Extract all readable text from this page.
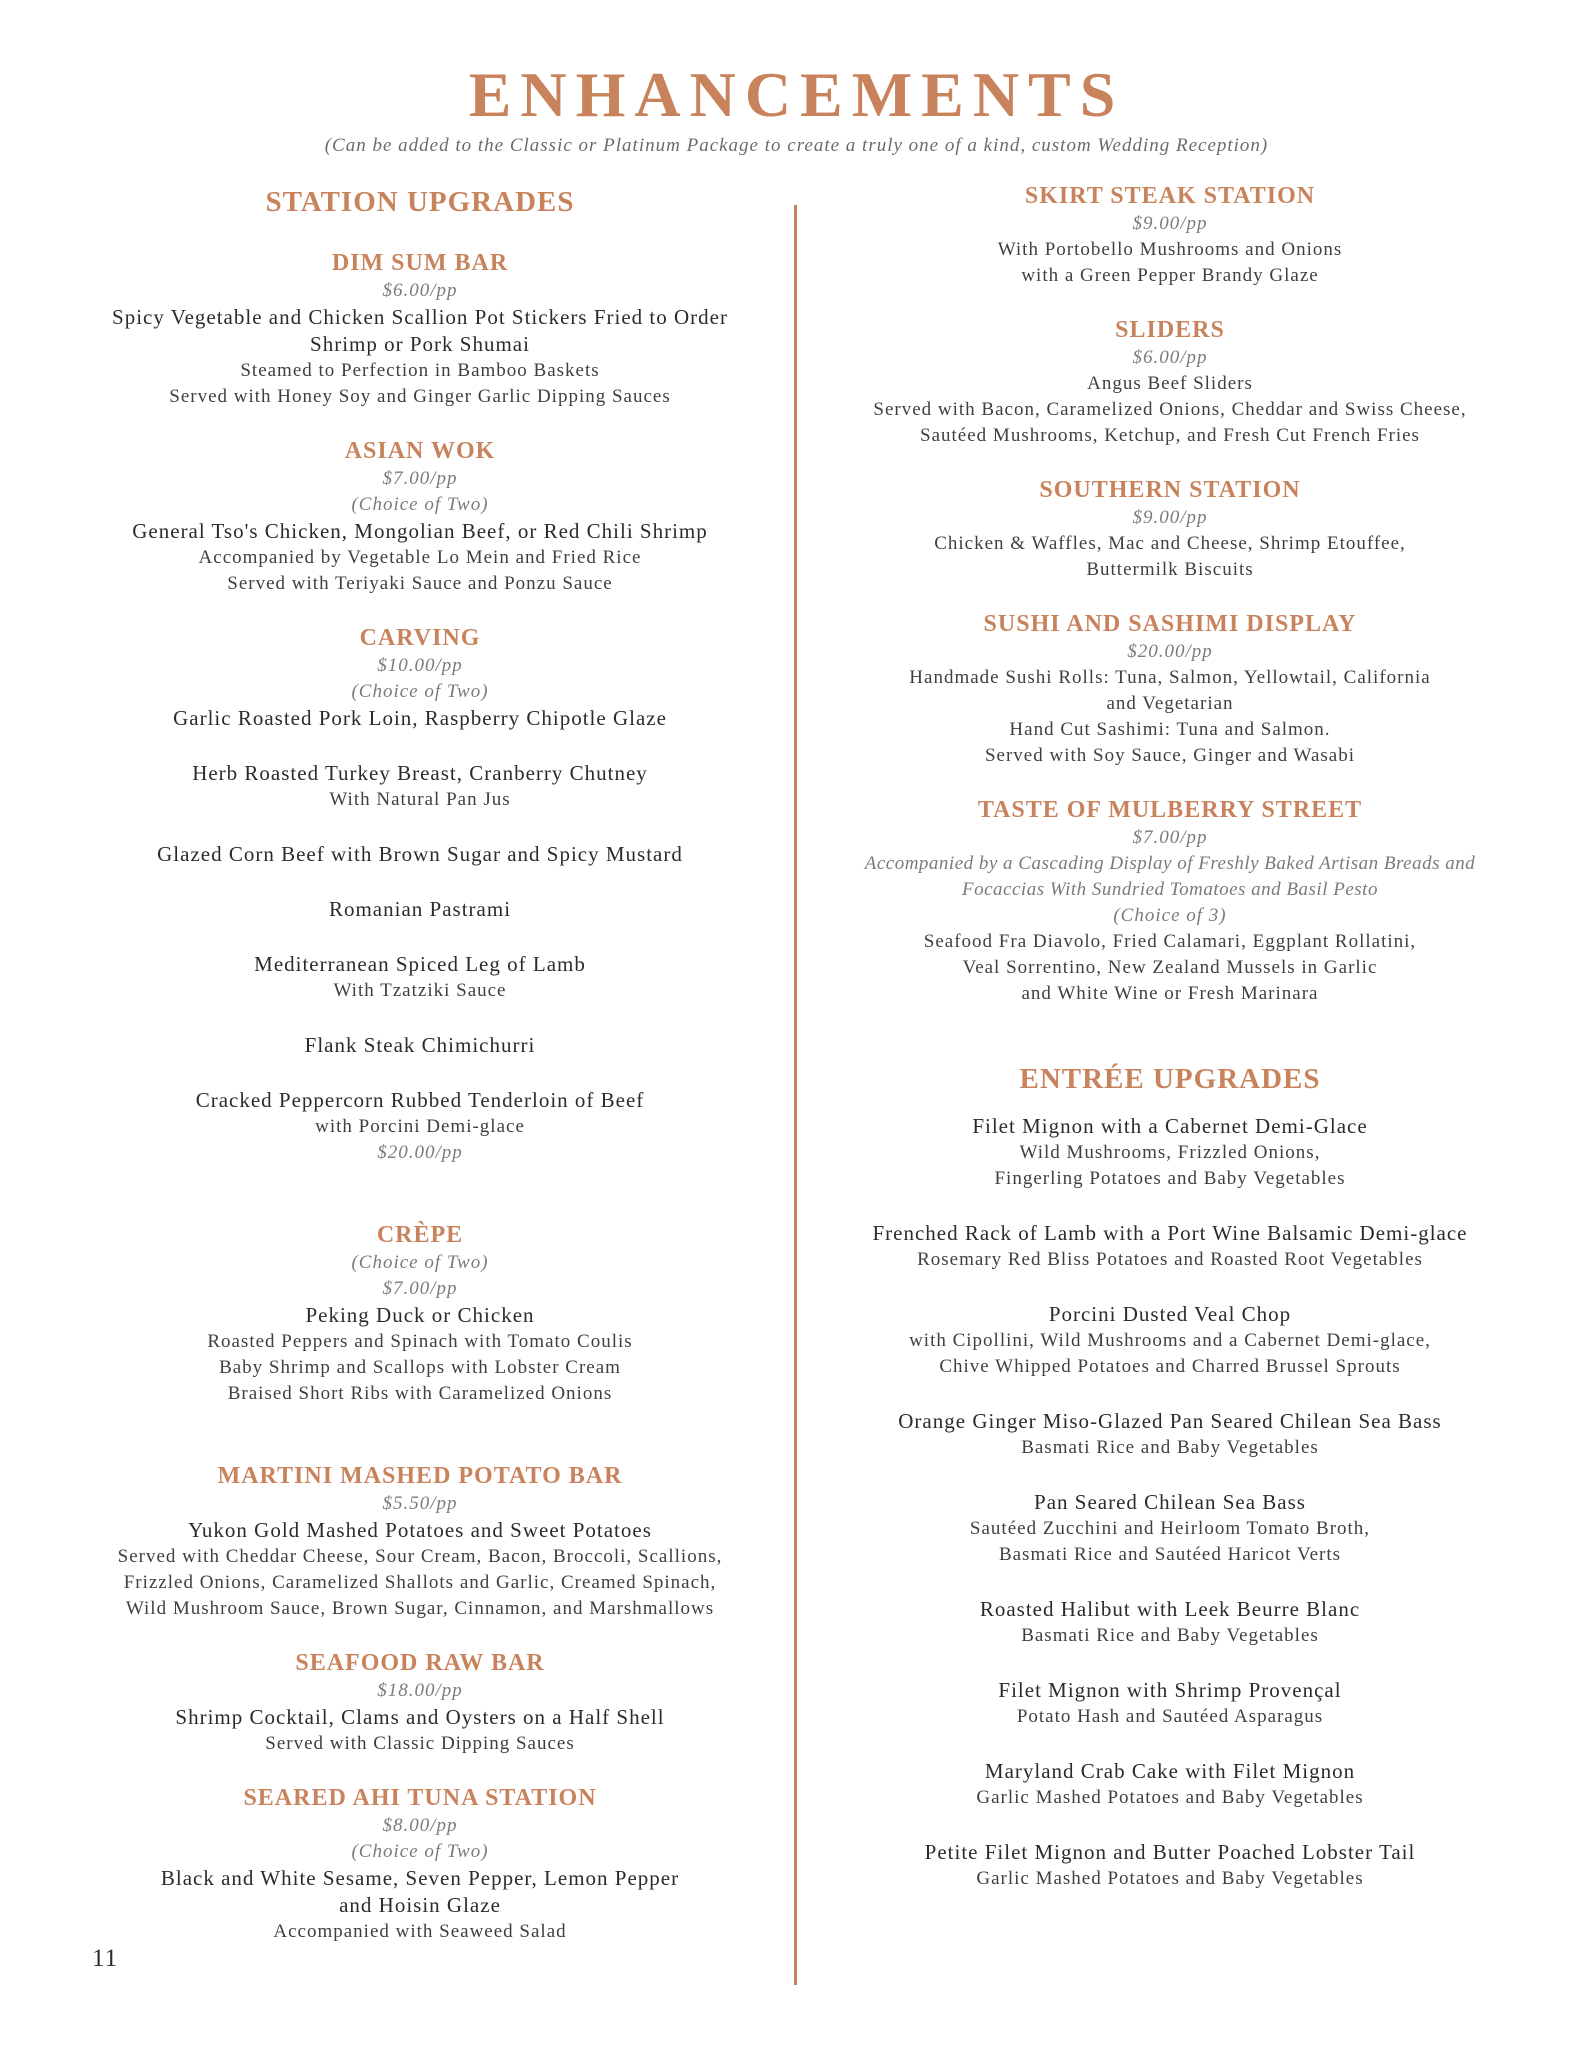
ENHANCEMENTS
(Can be added to the Classic or Platinum Package to create a truly one of a kind, custom Wedding Reception)
STATION UPGRADES
DIM SUM BAR
$6.00/pp
Spicy Vegetable and Chicken Scallion Pot Stickers Fried to Order
Shrimp or Pork Shumai
Steamed to Perfection in Bamboo Baskets
Served with Honey Soy and Ginger Garlic Dipping Sauces
ASIAN WOK
$7.00/pp
(Choice of Two)
General Tso's Chicken, Mongolian Beef, or Red Chili Shrimp
Accompanied by Vegetable Lo Mein and Fried Rice
Served with Teriyaki Sauce and Ponzu Sauce
CARVING
$10.00/pp
(Choice of Two)
Garlic Roasted Pork Loin, Raspberry Chipotle Glaze
Herb Roasted Turkey Breast, Cranberry Chutney
With Natural Pan Jus
Glazed Corn Beef with Brown Sugar and Spicy Mustard
Romanian Pastrami
Mediterranean Spiced Leg of Lamb
With Tzatziki Sauce
Flank Steak Chimichurri
Cracked Peppercorn Rubbed Tenderloin of Beef
with Porcini Demi-glace
$20.00/pp
CRÈPE
(Choice of Two)
$7.00/pp
Peking Duck or Chicken
Roasted Peppers and Spinach with Tomato Coulis
Baby Shrimp and Scallops with Lobster Cream
Braised Short Ribs with Caramelized Onions
MARTINI MASHED POTATO BAR
$5.50/pp
Yukon Gold Mashed Potatoes and Sweet Potatoes
Served with Cheddar Cheese, Sour Cream, Bacon, Broccoli, Scallions,
Frizzled Onions, Caramelized Shallots and Garlic, Creamed Spinach,
Wild Mushroom Sauce, Brown Sugar, Cinnamon, and Marshmallows
SEAFOOD RAW BAR
$18.00/pp
Shrimp Cocktail, Clams and Oysters on a Half Shell
Served with Classic Dipping Sauces
SEARED AHI TUNA STATION
$8.00/pp
(Choice of Two)
Black and White Sesame, Seven Pepper, Lemon Pepper
and Hoisin Glaze
Accompanied with Seaweed Salad
SKIRT STEAK STATION
$9.00/pp
With Portobello Mushrooms and Onions
with a Green Pepper Brandy Glaze
SLIDERS
$6.00/pp
Angus Beef Sliders
Served with Bacon, Caramelized Onions, Cheddar and Swiss Cheese,
Sautéed Mushrooms, Ketchup, and Fresh Cut French Fries
SOUTHERN STATION
$9.00/pp
Chicken & Waffles, Mac and Cheese, Shrimp Etouffee,
Buttermilk Biscuits
SUSHI AND SASHIMI DISPLAY
$20.00/pp
Handmade Sushi Rolls: Tuna, Salmon, Yellowtail, California
and Vegetarian
Hand Cut Sashimi: Tuna and Salmon.
Served with Soy Sauce, Ginger and Wasabi
TASTE OF MULBERRY STREET
$7.00/pp
Accompanied by a Cascading Display of Freshly Baked Artisan Breads and
Focaccias With Sundried Tomatoes and Basil Pesto
(Choice of 3)
Seafood Fra Diavolo, Fried Calamari, Eggplant Rollatini,
Veal Sorrentino, New Zealand Mussels in Garlic
and White Wine or Fresh Marinara
ENTRÉE UPGRADES
Filet Mignon with a Cabernet Demi-Glace
Wild Mushrooms, Frizzled Onions,
Fingerling Potatoes and Baby Vegetables
Frenched Rack of Lamb with a Port Wine Balsamic Demi-glace
Rosemary Red Bliss Potatoes and Roasted Root Vegetables
Porcini Dusted Veal Chop
with Cipollini, Wild Mushrooms and a Cabernet Demi-glace,
Chive Whipped Potatoes and Charred Brussel Sprouts
Orange Ginger Miso-Glazed Pan Seared Chilean Sea Bass
Basmati Rice and Baby Vegetables
Pan Seared Chilean Sea Bass
Sautéed Zucchini and Heirloom Tomato Broth,
Basmati Rice and Sautéed Haricot Verts
Roasted Halibut with Leek Beurre Blanc
Basmati Rice and Baby Vegetables
Filet Mignon with Shrimp Provençal
Potato Hash and Sautéed Asparagus
Maryland Crab Cake with Filet Mignon
Garlic Mashed Potatoes and Baby Vegetables
Petite Filet Mignon and Butter Poached Lobster Tail
Garlic Mashed Potatoes and Baby Vegetables
11
